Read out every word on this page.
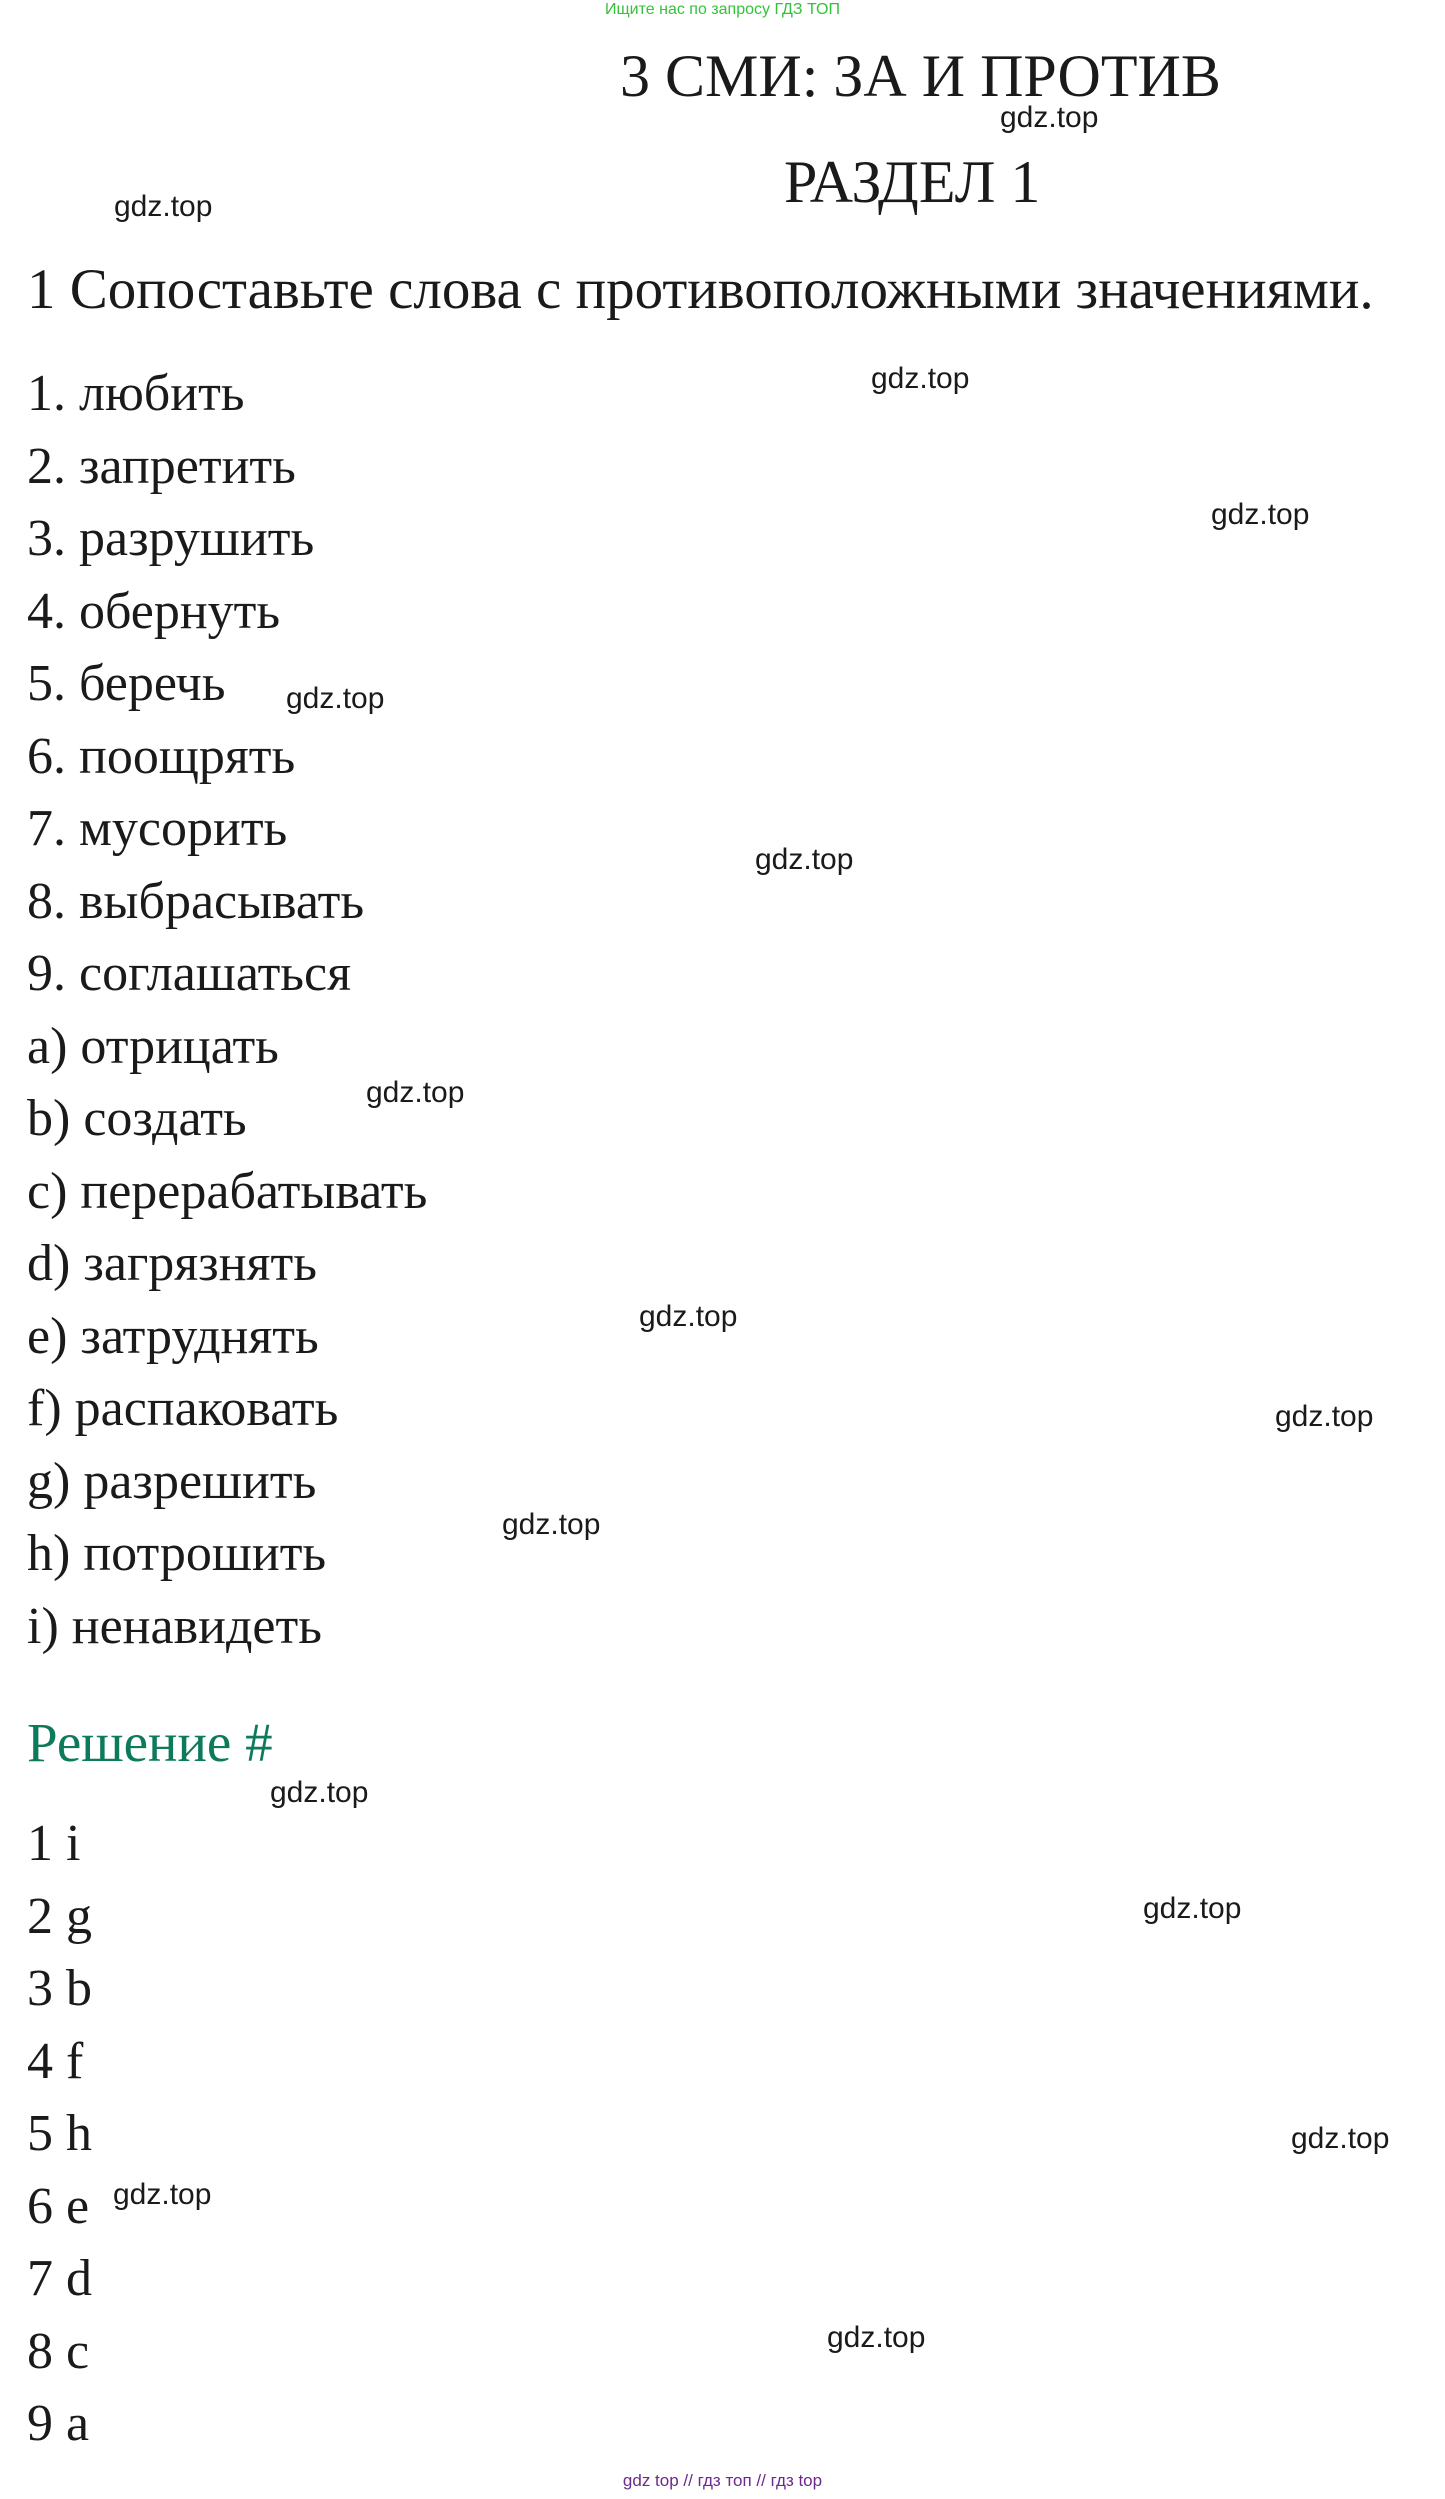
Ищите нас по запросу ГДЗ ТОП
3 СМИ: ЗА И ПРОТИВ
РАЗДЕЛ 1
1 Сопоставьте слова с противоположными значениями.
1. любить
2. запретить
3. разрушить
4. обернуть
5. беречь
6. поощрять
7. мусорить
8. выбрасывать
9. соглашаться
a) отрицать
b) создать
c) перерабатывать
d) загрязнять
e) затруднять
f) распаковать
g) разрешить
h) потрошить
i) ненавидеть
Решение #
1 i
2 g
3 b
4 f
5 h
6 e
7 d
8 c
9 a
gdz.top
gdz.top
gdz.top
gdz.top
gdz.top
gdz.top
gdz.top
gdz.top
gdz.top
gdz.top
gdz.top
gdz.top
gdz.top
gdz.top
gdz.top
gdz top // гдз топ // гдз top
